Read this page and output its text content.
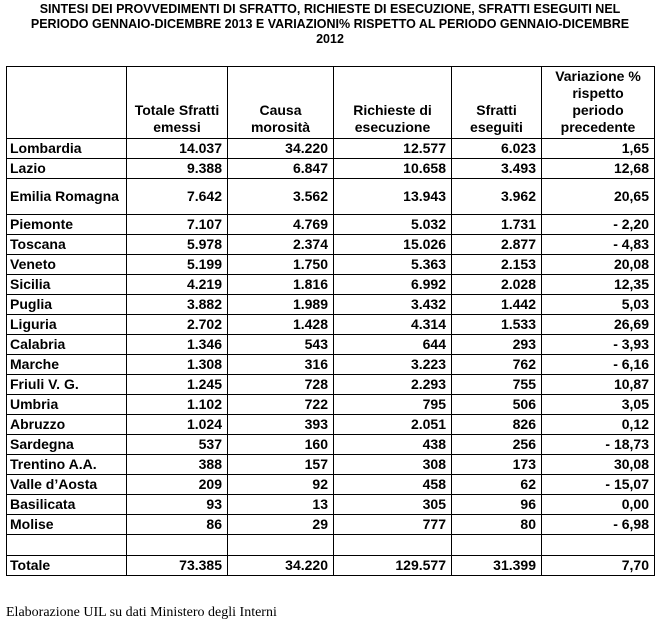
SINTESI DEI PROVVEDIMENTI DI SFRATTO, RICHIESTE DI ESECUZIONE, SFRATTI ESEGUITI NEL
PERIODO GENNAIO-DICEMBRE 2013 E VARIAZIONI% RISPETTO AL PERIODO GENNAIO-DICEMBRE
2012
	Totale Sfratti emessi	Causa morosità	Richieste di esecuzione	Sfratti eseguiti	Variazione % rispetto periodo precedente
Lombardia	14.037	34.220	12.577	6.023	1,65
Lazio	9.388	6.847	10.658	3.493	12,68
Emilia Romagna	7.642	3.562	13.943	3.962	20,65
Piemonte	7.107	4.769	5.032	1.731	- 2,20
Toscana	5.978	2.374	15.026	2.877	- 4,83
Veneto	5.199	1.750	5.363	2.153	20,08
Sicilia	4.219	1.816	6.992	2.028	12,35
Puglia	3.882	1.989	3.432	1.442	5,03
Liguria	2.702	1.428	4.314	1.533	26,69
Calabria	1.346	543	644	293	- 3,93
Marche	1.308	316	3.223	762	- 6,16
Friuli V. G.	1.245	728	2.293	755	10,87
Umbria	1.102	722	795	506	3,05
Abruzzo	1.024	393	2.051	826	0,12
Sardegna	537	160	438	256	- 18,73
Trentino A.A.	388	157	308	173	30,08
Valle d’Aosta	209	92	458	62	- 15,07
Basilicata	93	13	305	96	0,00
Molise	86	29	777	80	- 6,98

Totale	73.385	34.220	129.577	31.399	7,70
Elaborazione UIL su dati Ministero degli Interni
